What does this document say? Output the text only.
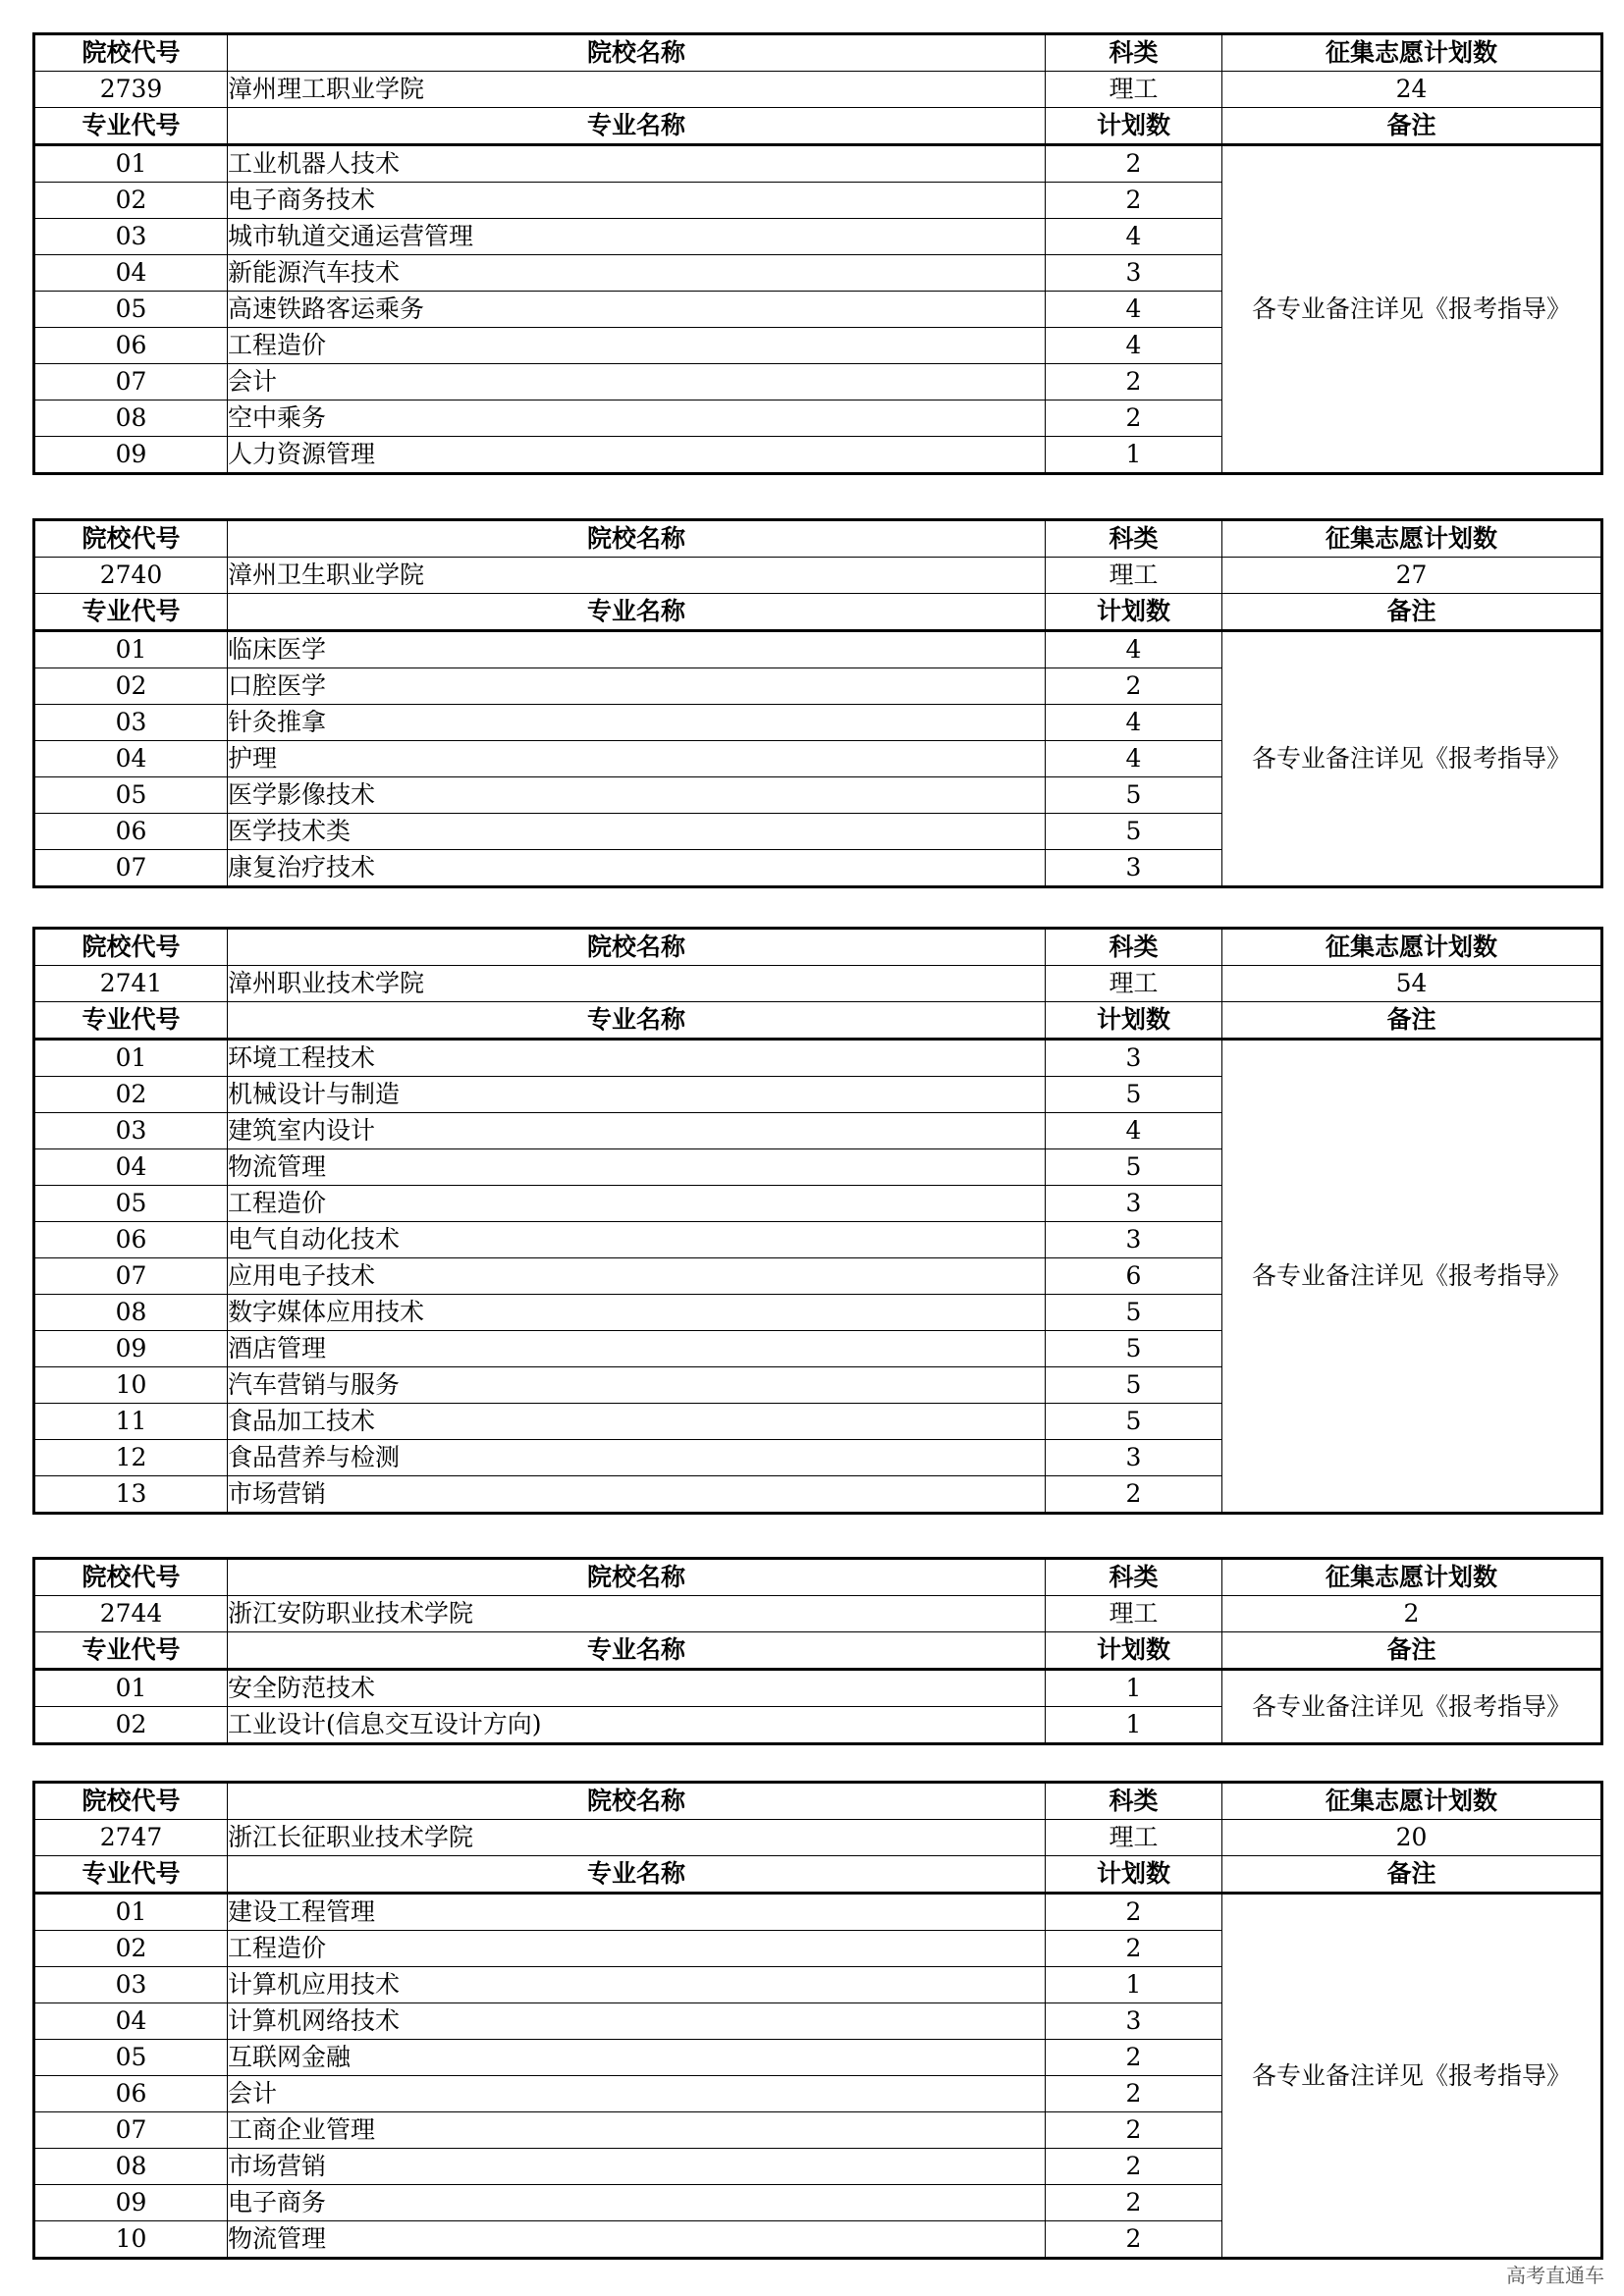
院校代号	院校名称	科类	征集志愿计划数
2739	漳州理工职业学院	理工	24
专业代号	专业名称	计划数	备注
01	工业机器人技术	2	各专业备注详见《报考指导》
02	电子商务技术	2	
03	城市轨道交通运营管理	4	
04	新能源汽车技术	3	
05	高速铁路客运乘务	4	
06	工程造价	4	
07	会计	2	
08	空中乘务	2	
09	人力资源管理	1	
院校代号	院校名称	科类	征集志愿计划数
2740	漳州卫生职业学院	理工	27
专业代号	专业名称	计划数	备注
01	临床医学	4	各专业备注详见《报考指导》
02	口腔医学	2	
03	针灸推拿	4	
04	护理	4	
05	医学影像技术	5	
06	医学技术类	5	
07	康复治疗技术	3	
院校代号	院校名称	科类	征集志愿计划数
2741	漳州职业技术学院	理工	54
专业代号	专业名称	计划数	备注
01	环境工程技术	3	各专业备注详见《报考指导》
02	机械设计与制造	5	
03	建筑室内设计	4	
04	物流管理	5	
05	工程造价	3	
06	电气自动化技术	3	
07	应用电子技术	6	
08	数字媒体应用技术	5	
09	酒店管理	5	
10	汽车营销与服务	5	
11	食品加工技术	5	
12	食品营养与检测	3	
13	市场营销	2	
院校代号	院校名称	科类	征集志愿计划数
2744	浙江安防职业技术学院	理工	2
专业代号	专业名称	计划数	备注
01	安全防范技术	1	各专业备注详见《报考指导》
02	工业设计(信息交互设计方向)	1	
院校代号	院校名称	科类	征集志愿计划数
2747	浙江长征职业技术学院	理工	20
专业代号	专业名称	计划数	备注
01	建设工程管理	2	各专业备注详见《报考指导》
02	工程造价	2	
03	计算机应用技术	1	
04	计算机网络技术	3	
05	互联网金融	2	
06	会计	2	
07	工商企业管理	2	
08	市场营销	2	
09	电子商务	2	
10	物流管理	2	
高考直通车
